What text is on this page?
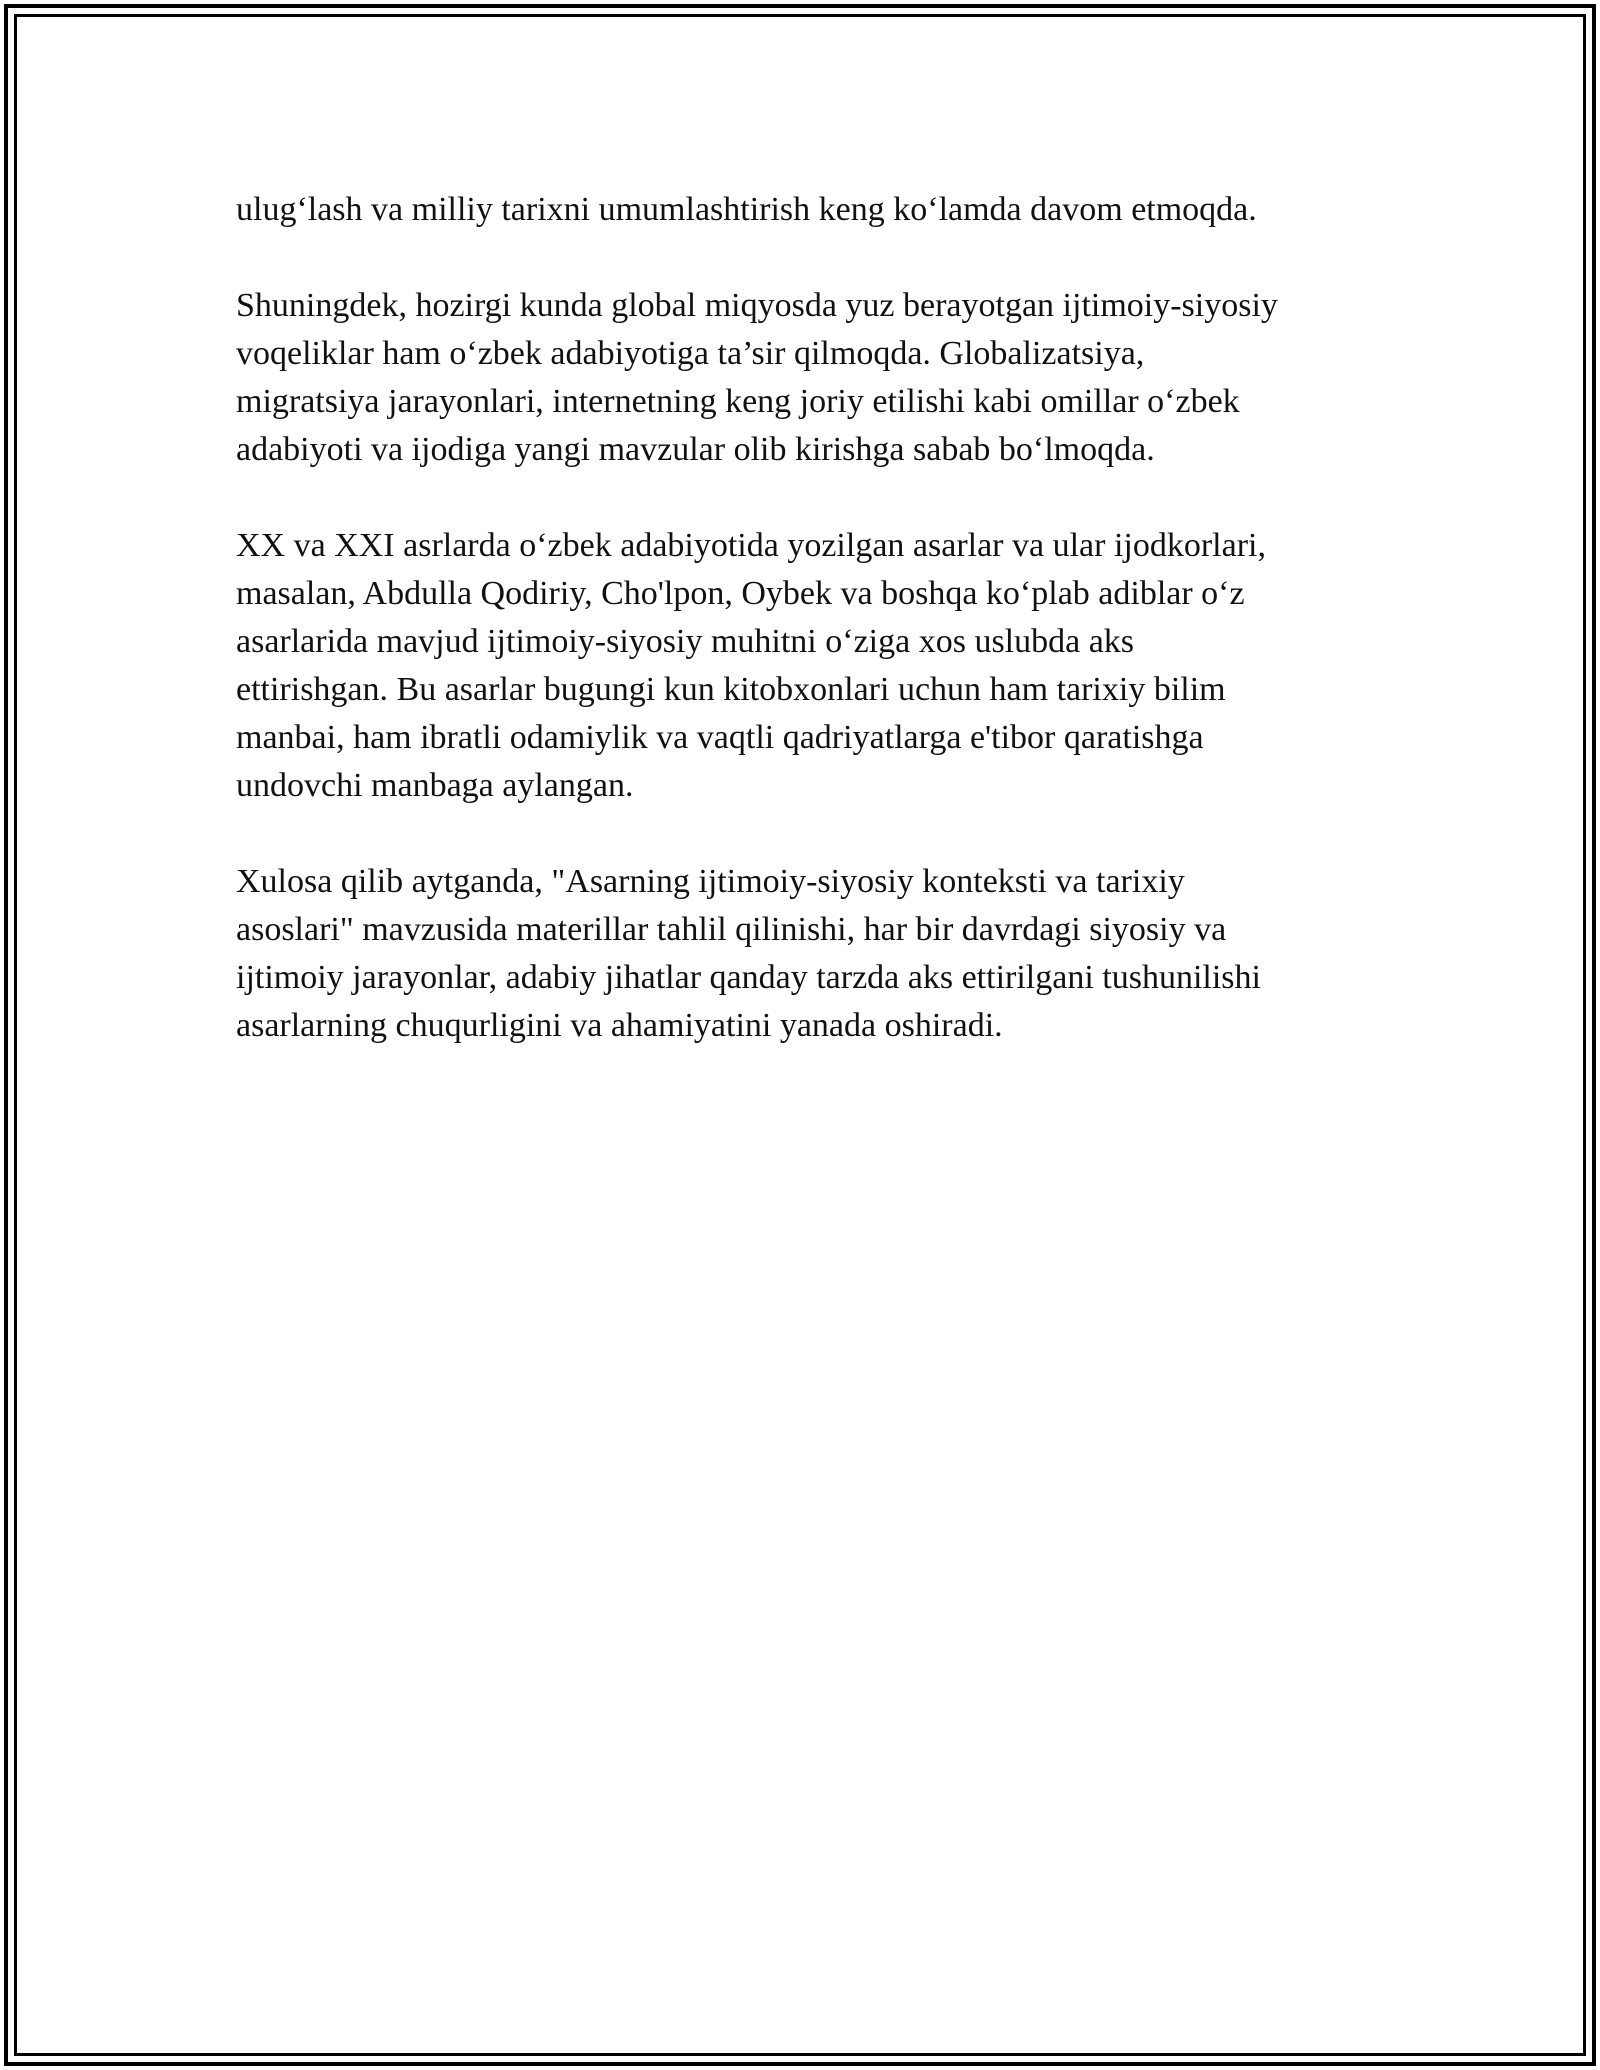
ulug‘lash va milliy tarixni umumlashtirish keng ko‘lamda davom etmoqda.

Shuningdek, hozirgi kunda global miqyosda yuz berayotgan ijtimoiy-siyosiy
voqeliklar ham o‘zbek adabiyotiga ta’sir qilmoqda. Globalizatsiya,
migratsiya jarayonlari, internetning keng joriy etilishi kabi omillar o‘zbek
adabiyoti va ijodiga yangi mavzular olib kirishga sabab bo‘lmoqda.

XX va XXI asrlarda o‘zbek adabiyotida yozilgan asarlar va ular ijodkorlari,
masalan, Abdulla Qodiriy, Cho'lpon, Oybek va boshqa ko‘plab adiblar o‘z
asarlarida mavjud ijtimoiy-siyosiy muhitni o‘ziga xos uslubda aks
ettirishgan. Bu asarlar bugungi kun kitobxonlari uchun ham tarixiy bilim
manbai, ham ibratli odamiylik va vaqtli qadriyatlarga e'tibor qaratishga
undovchi manbaga aylangan.

Xulosa qilib aytganda, "Asarning ijtimoiy-siyosiy konteksti va tarixiy
asoslari" mavzusida materillar tahlil qilinishi, har bir davrdagi siyosiy va
ijtimoiy jarayonlar, adabiy jihatlar qanday tarzda aks ettirilgani tushunilishi
asarlarning chuqurligini va ahamiyatini yanada oshiradi.
